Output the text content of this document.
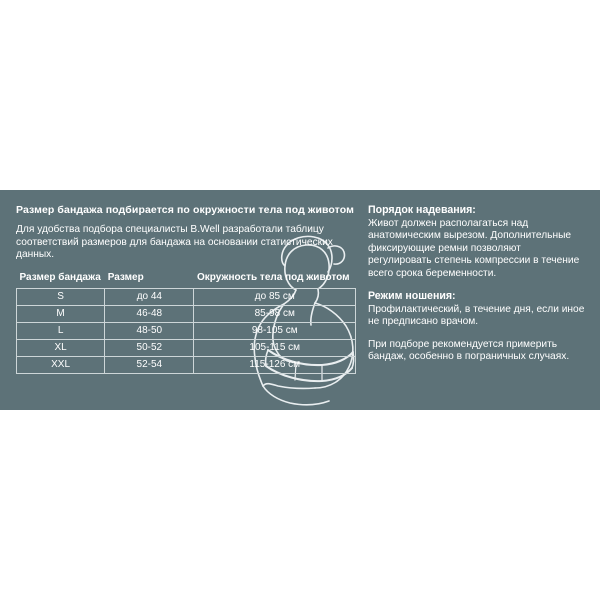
Размер бандажа подбирается по окружности тела под животом

Для удобства подбора специалисты B.Well разработали таблицу соответствий размеров для бандажа на основании статистических данных.

Размер бандажа	Размер	Окружность тела под животом
S	до 44	до 85 см
M	46-48	85-98 см
L	48-50	98-105 см
XL	50-52	105-115 см
XXL	52-54	115-126 см

Порядок надевания:

Живот должен располагаться над анатомическим вырезом. Дополнительные фиксирующие ремни позволяют регулировать степень компрессии в течение всего срока беременности.

Режим ношения:

Профилактический, в течение дня, если иное не предписано врачом.

При подборе рекомендуется примерить бандаж, особенно в пограничных случаях.
